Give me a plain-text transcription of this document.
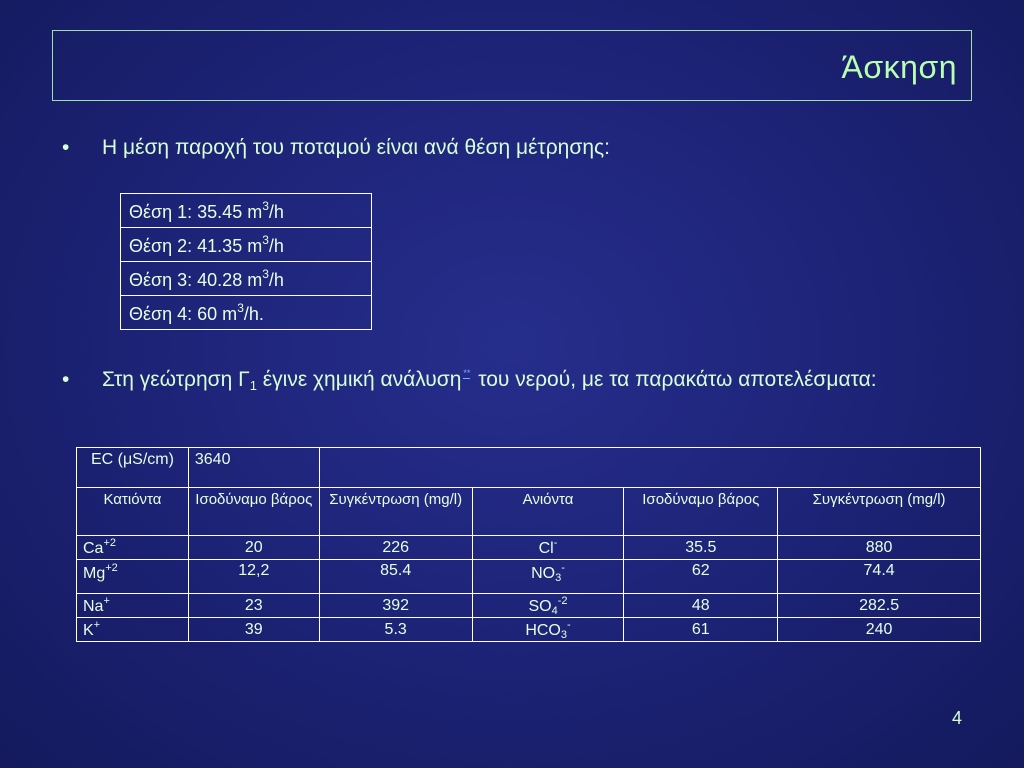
Άσκηση
• Η μέση παροχή του ποταμού είναι ανά θέση μέτρησης:
Θέση 1: 35.45 $m^3/h$
Θέση 2: 41.35 $m^3/h$
Θέση 3: 40.28 $m^3/h$
Θέση 4: 60 $m^3/h$.
• Στη γεώτρηση $\Gamma_1$ έγινε χημική ανάλυση ** του νερού, με τα παρακάτω αποτελέσματα:
EC (μS/cm)	3640				
Κατιόντα	Ισοδύναμο βάρος	Συγκέντρωση (mg/l)	Ανιόντα	Ισοδύναμο βάρος	Συγκέντρωση (mg/l)
$Ca^{+2}$	20	226	Cl-	35.5	880
$Mg^{+2}$	12,2	85.4	NO3-	62	74.4
Na+	23	392	$SO4^{-2}$	48	282.5
K+	39	5.3	HCO3-	61	240
4
